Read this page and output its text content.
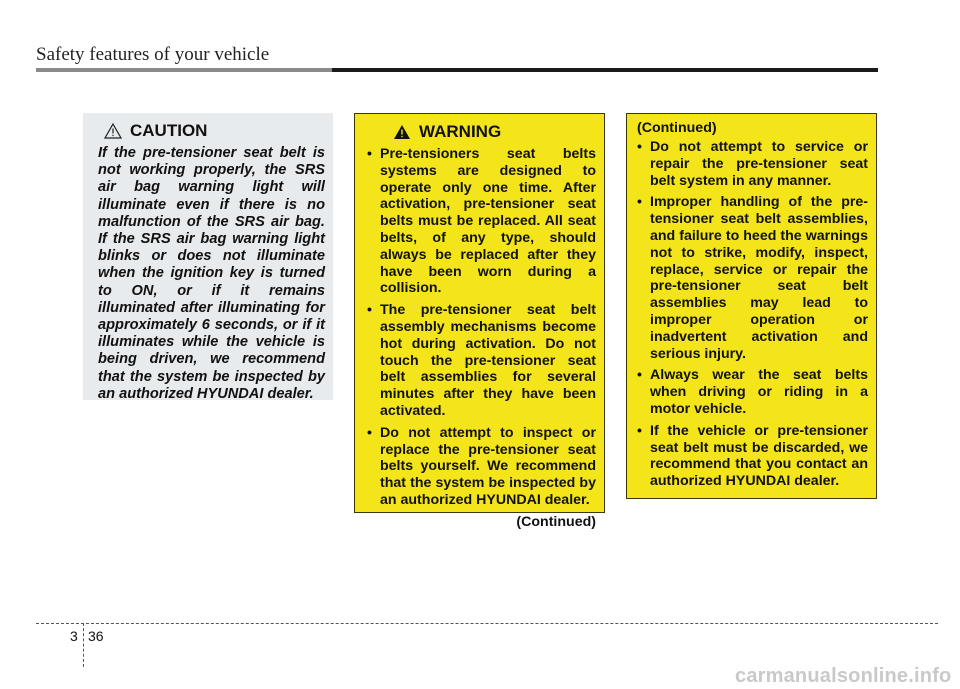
Safety features of your vehicle
CAUTION

If the pre-tensioner seat belt is not working properly, the SRS air bag warning light will illuminate even if there is no malfunction of the SRS air bag. If the SRS air bag warning light blinks or does not illuminate when the ignition key is turned to ON, or if it remains illuminated after illuminating for approximately 6 seconds, or if it illuminates while the vehicle is being driven, we recommend that the system be inspected by an authorized HYUNDAI dealer.

WARNING
• Pre-tensioners seat belts systems are designed to operate only one time. After activation, pre-tensioner seat belts must be replaced. All seat belts, of any type, should always be replaced after they have been worn during a collision.
• The pre-tensioner seat belt assembly mechanisms become hot during activation. Do not touch the pre-tensioner seat belt assemblies for several minutes after they have been activated.
• Do not attempt to inspect or replace the pre-tensioner seat belts yourself. We recommend that the system be inspected by an authorized HYUNDAI dealer.
(Continued)
(Continued)
• Do not attempt to service or repair the pre-tensioner seat belt system in any manner.
• Improper handling of the pre-tensioner seat belt assemblies, and failure to heed the warnings not to strike, modify, inspect, replace, service or repair the pre-tensioner seat belt assemblies may lead to improper operation or inadvertent activation and serious injury.
• Always wear the seat belts when driving or riding in a motor vehicle.
• If the vehicle or pre-tensioner seat belt must be discarded, we recommend that you contact an authorized HYUNDAI dealer.
3 36
carmanualsonline.info
